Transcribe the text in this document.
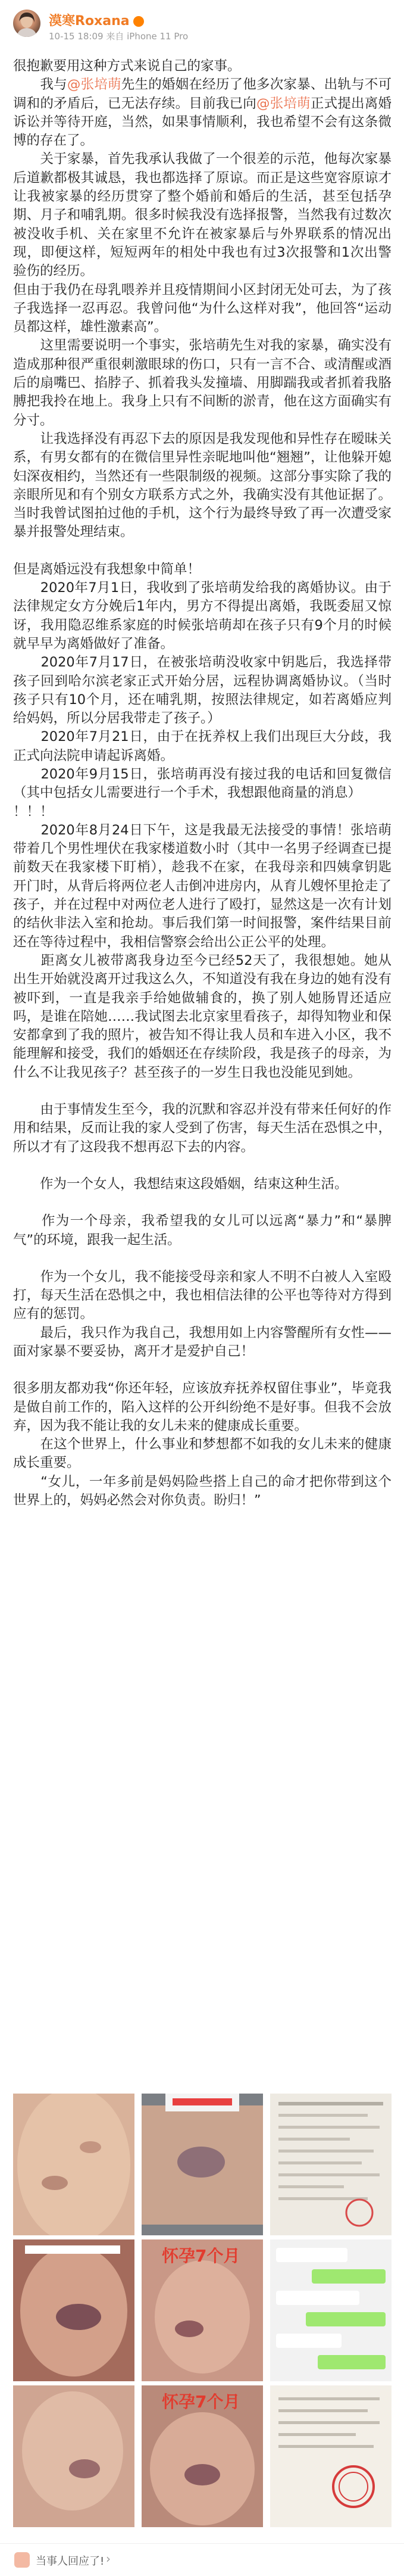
漠寒Roxana
10-15 18:09 来自 iPhone 11 Pro

很抱歉要用这种方式来说自己的家事。

　　我与@张培萌先生的婚姻在经历了他多次家暴、出轨与不可调和的矛盾后，已无法存续。目前我已向@张培萌正式提出离婚诉讼并等待开庭，当然，如果事情顺利，我也希望不会有这条微博的存在了。

　　关于家暴，首先我承认我做了一个很差的示范，他每次家暴后道歉都极其诚恳，我也都选择了原谅。而正是这些宽容原谅才让我被家暴的经历贯穿了整个婚前和婚后的生活，甚至包括孕期、月子和哺乳期。很多时候我没有选择报警，当然我有过数次被没收手机、关在家里不允许在被家暴后与外界联系的情况出现，即便这样，短短两年的相处中我也有过3次报警和1次出警验伤的经历。

但由于我仍在母乳喂养并且疫情期间小区封闭无处可去，为了孩子我选择一忍再忍。我曾问他“为什么这样对我”，他回答“运动员都这样，雄性激素高”。

　　这里需要说明一个事实，张培萌先生对我的家暴，确实没有造成那种很严重很刺激眼球的伤口，只有一言不合、或清醒或酒后的扇嘴巴、掐脖子、抓着我头发撞墙、用脚踹我或者抓着我胳膊把我拎在地上。我身上只有不间断的淤青，他在这方面确实有分寸。

　　让我选择没有再忍下去的原因是我发现他和异性存在暧昧关系，有男女都有的在微信里异性亲昵地叫他“翘翘”，让他躲开媳妇深夜相约，当然还有一些限制级的视频。这部分事实除了我的亲眼所见和有个别女方联系方式之外，我确实没有其他证据了。当时我曾试图拍过他的手机，这个行为最终导致了再一次遭受家暴并报警处理结束。

但是离婚远没有我想象中简单！

　　2020年7月1日，我收到了张培萌发给我的离婚协议。由于法律规定女方分娩后1年内，男方不得提出离婚，我既委屈又惊讶，我用隐忍维系家庭的时候张培萌却在孩子只有9个月的时候就早早为离婚做好了准备。

　　2020年7月17日，在被张培萌没收家中钥匙后，我选择带孩子回到哈尔滨老家正式开始分居，远程协调离婚协议。（当时孩子只有10个月，还在哺乳期，按照法律规定，如若离婚应判给妈妈，所以分居我带走了孩子。）

　　2020年7月21日，由于在抚养权上我们出现巨大分歧，我正式向法院申请起诉离婚。

　　2020年9月15日，张培萌再没有接过我的电话和回复微信（其中包括女儿需要进行一个手术，我想跟他商量的消息）

！！！

　　2020年8月24日下午，这是我最无法接受的事情！张培萌带着几个男性埋伏在我家楼道数小时（其中一名男子经调查已提前数天在我家楼下盯梢），趁我不在家，在我母亲和四姨拿钥匙开门时，从背后将两位老人击倒冲进房内，从育儿嫂怀里抢走了孩子，并在过程中对两位老人进行了殴打，显然这是一次有计划的结伙非法入室和抢劫。事后我们第一时间报警，案件结果目前还在等待过程中，我相信警察会给出公正公平的处理。

　　距离女儿被带离我身边至今已经52天了，我很想她。她从出生开始就没离开过我这么久，不知道没有我在身边的她有没有被吓到，一直是我亲手给她做辅食的，换了别人她肠胃还适应吗，是谁在陪她……我试图去北京家里看孩子，却得知物业和保安都拿到了我的照片，被告知不得让我人员和车进入小区，我不能理解和接受，我们的婚姻还在存续阶段，我是孩子的母亲，为什么不让我见孩子？甚至孩子的一岁生日我也没能见到她。

　　由于事情发生至今，我的沉默和容忍并没有带来任何好的作用和结果，反而让我的家人受到了伤害，每天生活在恐惧之中，所以才有了这段我不想再忍下去的内容。

　　作为一个女人，我想结束这段婚姻，结束这种生活。

　　作为一个母亲，我希望我的女儿可以远离“暴力”和“暴脾气”的环境，跟我一起生活。

　　作为一个女儿，我不能接受母亲和家人不明不白被人入室殴打，每天生活在恐惧之中，我也相信法律的公平也等待对方得到应有的惩罚。

　　最后，我只作为我自己，我想用如上内容警醒所有女性——面对家暴不要妥协，离开才是爱护自己！

很多朋友都劝我“你还年轻，应该放弃抚养权留住事业”，毕竟我是做自前工作的，陷入这样的公开纠纷绝不是好事。但我不会放弃，因为我不能让我的女儿未来的健康成长重要。

　　在这个世界上，什么事业和梦想都不如我的女儿未来的健康成长重要。

　　“女儿，一年多前是妈妈险些搭上自己的命才把你带到这个世界上的，妈妈必然会对你负责。盼归！”

怀孕7个月
怀孕7个月
当事人回应了! ›
